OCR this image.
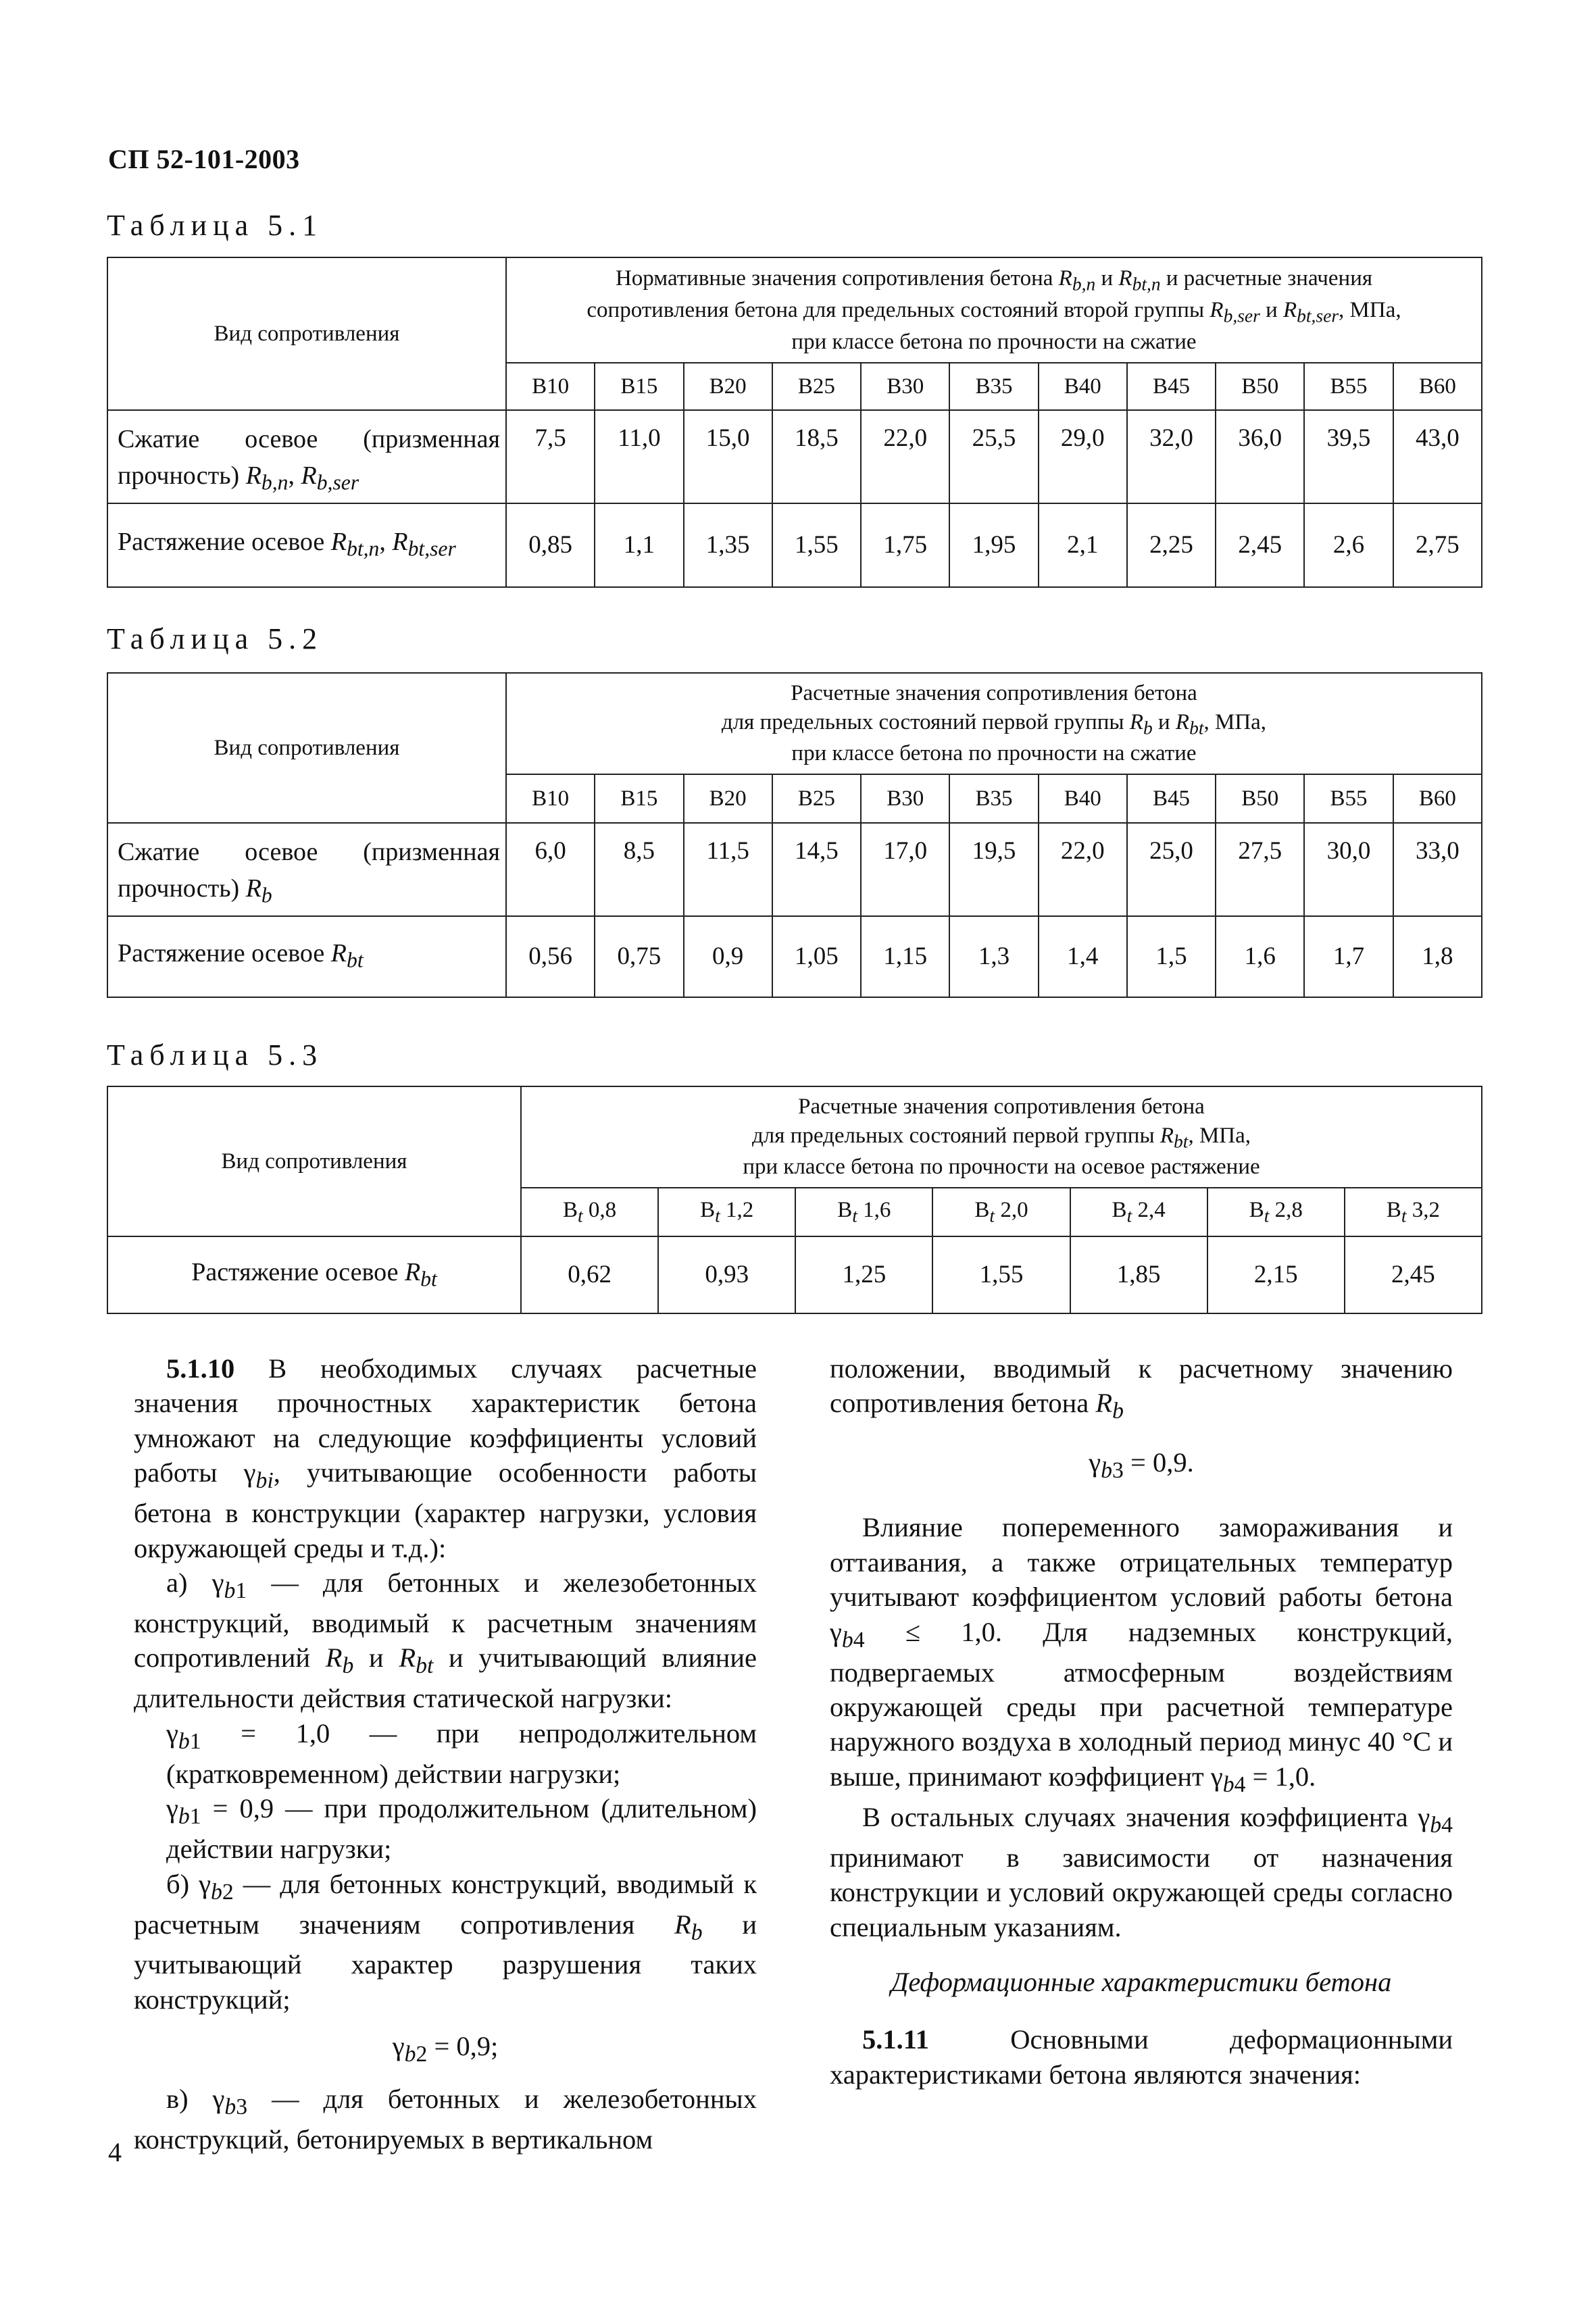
СП 52-101-2003
Таблица 5.1
Вид сопротивления	Нормативные значения сопротивления бетона $R_{b,n}$ и $R_{bt,n}$ и расчетные значения
сопротивления бетона для предельных состояний второй группы $R_{b,ser}$ и $R_{bt,ser}$, МПа,
при классе бетона по прочности на сжатие										
	B10	B15	B20	B25	B30	B35	B40	B45	B50	B55	B60
Сжатие осевое (призменная прочность) $R_{b,n}$, $R_{b,ser}$	7,5	11,0	15,0	18,5	22,0	25,5	29,0	32,0	36,0	39,5	43,0
Растяжение осевое $R_{bt,n}$, $R_{bt,ser}$	0,85	1,1	1,35	1,55	1,75	1,95	2,1	2,25	2,45	2,6	2,75
Таблица 5.2
Вид сопротивления	Расчетные значения сопротивления бетона
для предельных состояний первой группы $R_b$ и $R_{bt}$, МПа,
при классе бетона по прочности на сжатие										
	B10	B15	B20	B25	B30	B35	B40	B45	B50	B55	B60
Сжатие осевое (призменная прочность) $R_b$	6,0	8,5	11,5	14,5	17,0	19,5	22,0	25,0	27,5	30,0	33,0
Растяжение осевое $R_{bt}$	0,56	0,75	0,9	1,05	1,15	1,3	1,4	1,5	1,6	1,7	1,8
Таблица 5.3
Вид сопротивления	Расчетные значения сопротивления бетона
для предельных состояний первой группы $R_{bt}$, МПа,
при классе бетона по прочности на осевое растяжение						
	$B_t$ 0,8	$B_t$ 1,2	$B_t$ 1,6	$B_t$ 2,0	$B_t$ 2,4	$B_t$ 2,8	$B_t$ 3,2
Растяжение осевое $R_{bt}$	0,62	0,93	1,25	1,55	1,85	2,15	2,45

5.1.10 В необходимых случаях расчетные значения прочностных характеристик бетона умножают на следующие коэффициенты условий работы $\gamma_{bi}$, учитывающие особенности работы бетона в конструкции (характер нагрузки, условия окружающей среды и т.д.):

а) $\gamma_{b1}$ — для бетонных и железобетонных конструкций, вводимый к расчетным значениям сопротивлений $R_b$ и $R_{bt}$ и учитывающий влияние длительности действия статической нагрузки:

$\gamma_{b1} = 1,0$ — при непродолжительном (кратковременном) действии нагрузки;

$\gamma_{b1} = 0,9$ — при продолжительном (длительном) действии нагрузки;

б) $\gamma_{b2}$ — для бетонных конструкций, вводимый к расчетным значениям сопротивления $R_b$ и учитывающий характер разрушения таких конструкций;

$\gamma_{b2} = 0,9$;

в) $\gamma_{b3}$ — для бетонных и железобетонных конструкций, бетонируемых в вертикальном

положении, вводимый к расчетному значению сопротивления бетона $R_b$

$\gamma_{b3} = 0,9$.

Влияние попеременного замораживания и оттаивания, а также отрицательных температур учитывают коэффициентом условий работы бетона $\gamma_{b4} \le 1,0$. Для надземных конструкций, подвергаемых атмосферным воздействиям окружающей среды при расчетной температуре наружного воздуха в холодный период минус 40 °С и выше, принимают коэффициент $\gamma_{b4} = 1,0$.

В остальных случаях значения коэффициента $\gamma_{b4}$ принимают в зависимости от назначения конструкции и условий окружающей среды согласно специальным указаниям.

Деформационные характеристики бетона

5.1.11 Основными деформационными характеристиками бетона являются значения:

4
